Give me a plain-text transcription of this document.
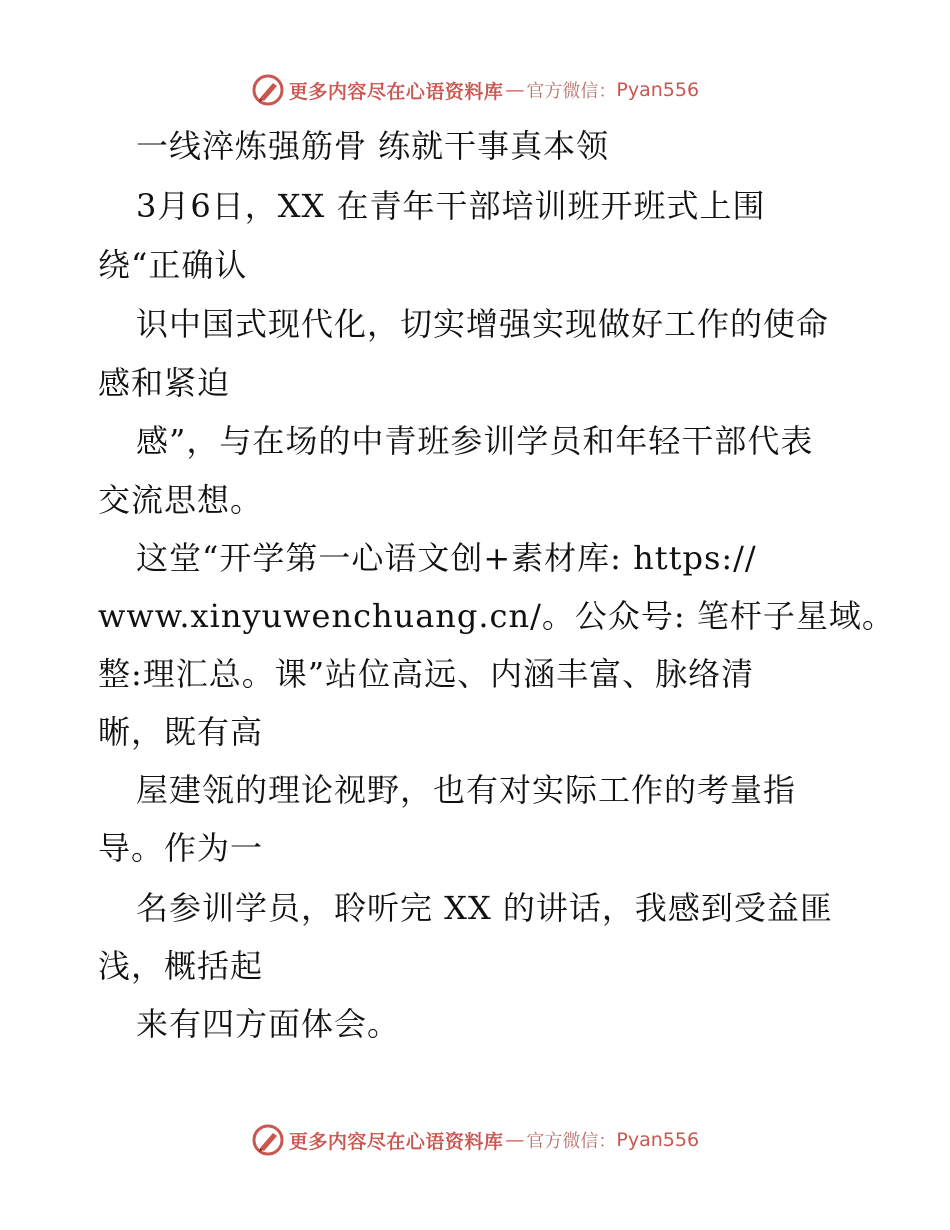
更多内容尽在心语资料库 — 官方微信： Pyan556
一线淬炼强筋骨 练就干事真本领
3月6日，XX 在青年干部培训班开班式上围
绕“正确认
识中国式现代化，切实增强实现做好工作的使命
感和紧迫
感”，与在场的中青班参训学员和年轻干部代表
交流思想。
这堂“开学第一心语文创+素材库: https://
www.xinyuwenchuang.cn/。公众号: 笔杆子星域。
整:理汇总。课”站位高远、内涵丰富、脉络清
晰，既有高
屋建瓴的理论视野，也有对实际工作的考量指
导。作为一
名参训学员，聆听完 XX 的讲话，我感到受益匪
浅，概括起
来有四方面体会。
更多内容尽在心语资料库 — 官方微信： Pyan556
